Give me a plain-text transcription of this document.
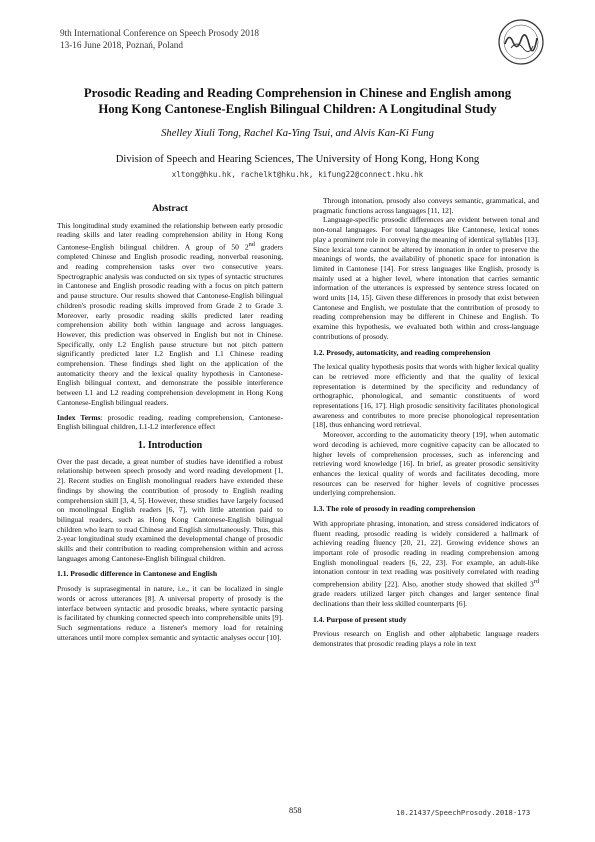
9th International Conference on Speech Prosody 2018
13-16 June 2018, Poznań, Poland
Prosodic Reading and Reading Comprehension in Chinese and English among
Hong Kong Cantonese-English Bilingual Children: A Longitudinal Study
Shelley Xiuli Tong, Rachel Ka-Ying Tsui, and Alvis Kan-Ki Fung
Division of Speech and Hearing Sciences, The University of Hong Kong, Hong Kong
xltong@hku.hk, rachelkt@hku.hk, kifung22@connect.hku.hk
Abstract

This longitudinal study examined the relationship between early prosodic reading skills and later reading comprehension ability in Hong Kong Cantonese-English bilingual children. A group of 50 2nd graders completed Chinese and English prosodic reading, nonverbal reasoning, and reading comprehension tasks over two consecutive years. Spectrographic analysis was conducted on six types of syntactic structures in Cantonese and English prosodic reading with a focus on pitch pattern and pause structure. Our results showed that Cantonese-English bilingual children's prosodic reading skills improved from Grade 2 to Grade 3. Moreover, early prosodic reading skills predicted later reading comprehension ability both within language and across languages. However, this prediction was observed in English but not in Chinese. Specifically, only L2 English pause structure but not pitch pattern significantly predicted later L2 English and L1 Chinese reading comprehension. These findings shed light on the application of the automaticity theory and the lexical quality hypothesis in Cantonese-English bilingual context, and demonstrate the possible interference between L1 and L2 reading comprehension development in Hong Kong Cantonese-English bilingual readers.

Index Terms: prosodic reading, reading comprehension, Cantonese-English bilingual children, L1-L2 interference effect

1. Introduction

Over the past decade, a great number of studies have identified a robust relationship between speech prosody and word reading development [1, 2]. Recent studies on English monolingual readers have extended these findings by showing the contribution of prosody to English reading comprehension skill [3, 4, 5]. However, these studies have largely focused on monolingual English readers [6, 7], with little attention paid to bilingual readers, such as Hong Kong Cantonese-English bilingual children who learn to read Chinese and English simultaneously. Thus, this 2-year longitudinal study examined the developmental change of prosodic skills and their contribution to reading comprehension within and across languages among Cantonese-English bilingual children.

1.1. Prosodic difference in Cantonese and English

Prosody is suprasegmental in nature, i.e., it can be localized in single words or across utterances [8]. A universal property of prosody is the interface between syntactic and prosodic breaks, where syntactic parsing is facilitated by chunking connected speech into comprehensible units [9]. Such segmentations reduce a listener's memory load for retaining utterances until more complex semantic and syntactic analyses occur [10].

Through intonation, prosody also conveys semantic, grammatical, and pragmatic functions across languages [11, 12].

Language-specific prosodic differences are evident between tonal and non-tonal languages. For tonal languages like Cantonese, lexical tones play a prominent role in conveying the meaning of identical syllables [13]. Since lexical tone cannot be altered by intonation in order to preserve the meanings of words, the availability of phonetic space for intonation is limited in Cantonese [14]. For stress languages like English, prosody is mainly used at a higher level, where intonation that carries semantic information of the utterances is expressed by sentence stress located on word units [14, 15]. Given these differences in prosody that exist between Cantonese and English, we postulate that the contribution of prosody to reading comprehension may be different in Chinese and English. To examine this hypothesis, we evaluated both within and cross-language contributions of prosody.

1.2. Prosody, automaticity, and reading comprehension

The lexical quality hypothesis posits that words with higher lexical quality can be retrieved more efficiently and that the quality of lexical representation is determined by the specificity and redundancy of orthographic, phonological, and semantic constituents of word representations [16, 17]. High prosodic sensitivity facilitates phonological awareness and contributes to more precise phonological representation [18], thus enhancing word retrieval.

Moreover, according to the automaticity theory [19], when automatic word decoding is achieved, more cognitive capacity can be allocated to higher levels of comprehension processes, such as inferencing and retrieving word knowledge [16]. In brief, as greater prosodic sensitivity enhances the lexical quality of words and facilitates decoding, more resources can be reserved for higher levels of cognitive processes underlying comprehension.

1.3. The role of prosody in reading comprehension

With appropriate phrasing, intonation, and stress considered indicators of fluent reading, prosodic reading is widely considered a hallmark of achieving reading fluency [20, 21, 22]. Growing evidence shows an important role of prosodic reading in reading comprehension among English monolingual readers [6, 22, 23]. For example, an adult-like intonation contour in text reading was positively correlated with reading comprehension ability [22]. Also, another study showed that skilled 3rd grade readers utilized larger pitch changes and larger sentence final declinations than their less skilled counterparts [6].

1.4. Purpose of present study

Previous research on English and other alphabetic language readers demonstrates that prosodic reading plays a role in text

858	10.21437/SpeechProsody.2018-173
